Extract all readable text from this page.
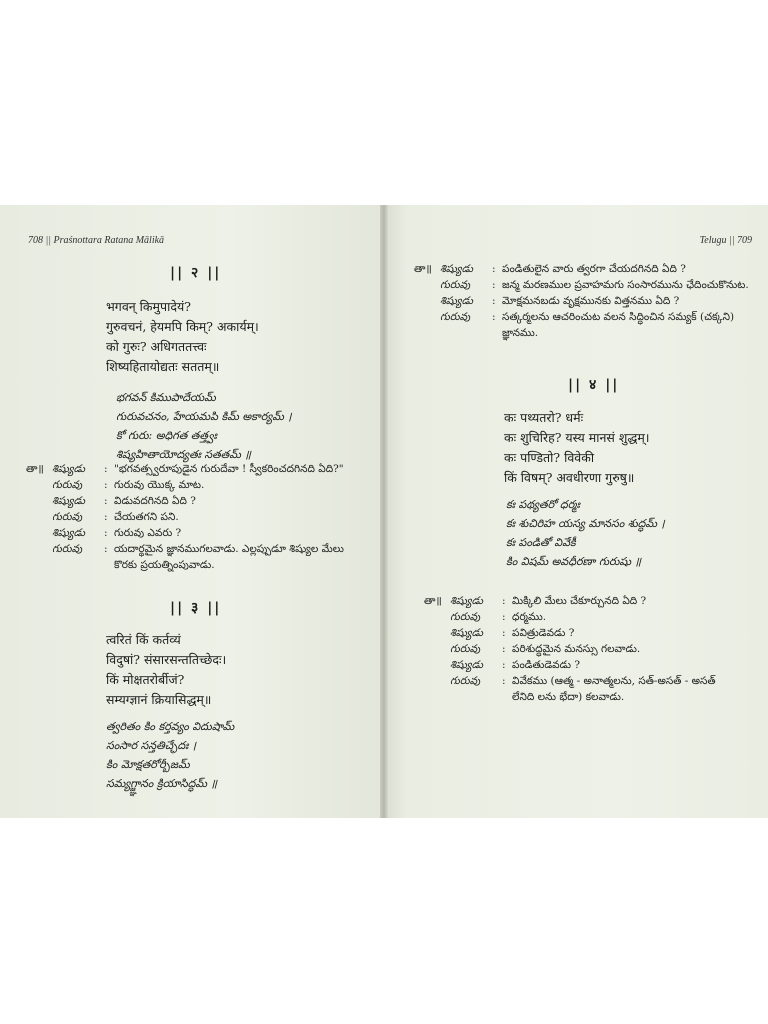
708 || Praśnottara Ratana Mālikā
|| २ ||
भगवन् किमुपादेयं?
गुरुवचनं, हेयमपि किम्? अकार्यम्।
को गुरुः? अधिगततत्त्वः
शिष्यहितायोद्यतः सततम्॥
భగవన్ కిముపాదేయమ్
గురువచనం, హేయమపి కిమ్ అకార్యమ్ ।
కో గురు: అధిగత తత్త్వః
శిష్యహితాయోద్యతః సతతమ్ ॥
తా॥ శిష్యుడు	: "భగవత్స్వరూపుడైన గురుదేవా ! స్వీకరించదగినది ఏది?"
గురువు	: గురువు యొక్క మాట.
శిష్యుడు	: విడువదగినది ఏది ?
గురువు	: చేయతగని పని.
శిష్యుడు	: గురువు ఎవరు ?
గురువు	: యదార్థమైన జ్ఞానముగలవాడు. ఎల్లప్పుడూ శిష్యుల మేలు
కొరకు ప్రయత్నింపువాడు.
|| ३ ||
त्वरितं किं कर्तव्यं
विदुषां? संसारसन्ततिच्छेदः।
किं मोक्षतरोर्बीजं?
सम्यग्ज्ञानं क्रियासिद्धम्॥
త్వరితం కిం కర్తవ్యం విదుషామ్
సంసార సన్తతిచ్ఛేదః ।
కిం మోక్షతరోర్బీజమ్
సమ్యగ్జ్ఞానం క్రియాసిద్ధమ్ ॥
Telugu || 709
తా॥ శిష్యుడు	: పండితులైన వారు త్వరగా చేయదగినది ఏది ?
గురువు	: జన్మ మరణముల ప్రవాహమగు సంసారమును ఛేదించుకొనుట.
శిష్యుడు	: మోక్షమనబడు వృక్షమునకు విత్తనము ఏది ?
గురువు	: సత్కర్మలను ఆచరించుట వలన సిద్ధించిన సమ్యక్ (చక్కని)
జ్ఞానము.
|| ४ ||
कः पथ्यतरो? धर्मः
कः शुचिरिह? यस्य मानसं शुद्धम्।
कः पण्डितो? विवेकी
किं विषम्? अवधीरणा गुरुषु॥
కః పథ్యతరో ధర్మః
కః శుచిరిహ యస్య మానసం శుద్ధమ్ ।
కః పండితో వివేకీ
కిం విషమ్ అవధీరణా గురుషు ॥
తా॥ శిష్యుడు	: మిక్కిలి మేలు చేకూర్చునది ఏది ?
గురువు	: ధర్మము.
శిష్యుడు	: పవిత్రుడెవడు ?
గురువు	: పరిశుద్ధమైన మనస్సు గలవాడు.
శిష్యుడు	: పండితుడెవడు ?
గురువు	: వివేకము (ఆత్మ - అనాత్మలను, సత్-అసత్ - అసత్
లేనిది లను భేదా) కలవాడు.
